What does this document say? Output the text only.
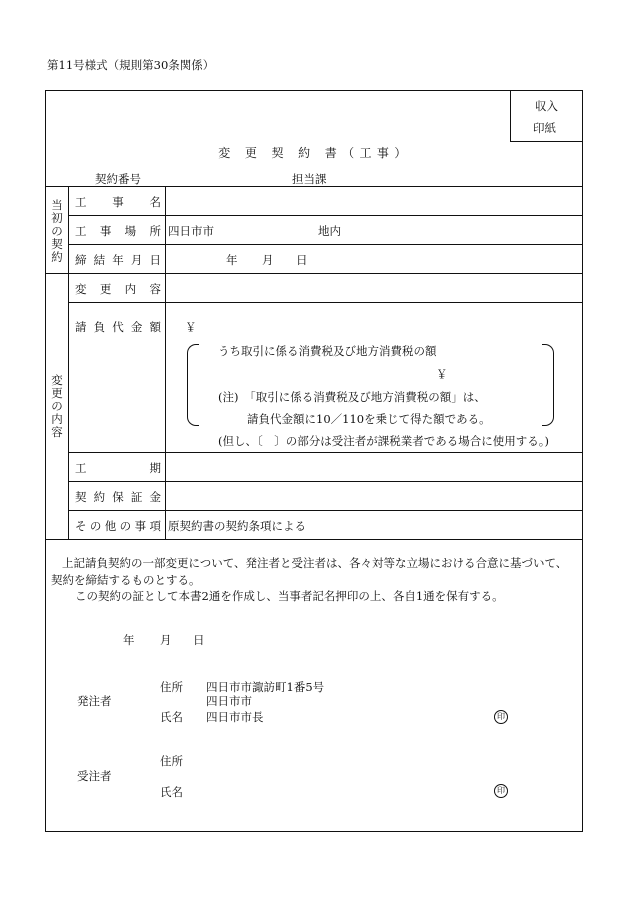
第11号様式（規則第30条関係）
収入
印紙
変 更 契 約 書（工事）
契約番号	担当課
当初の契約
工 事 名
工 事 場 所 四日市市	地内
締 結 年 月 日	年 月 日
変更の内容
変 更 内 容
請 負 代 金 額 ￥
うち取引に係る消費税及び地方消費税の額
￥
(注)　「取引に係る消費税及び地方消費税の額」は、
請負代金額に10／110を乗じて得た額である。
(但し、〔　〕の部分は受注者が課税業者である場合に使用する。)
工	期
契 約 保 証 金
そ の 他 の 事 項 原契約書の契約条項による
上記請負契約の一部変更について、発注者と受注者は、各々対等な立場における合意に基づいて、
契約を締結するものとする。
この契約の証として本書2通を作成し、当事者記名押印の上、各自1通を保有する。
年 月 日
発注者
住所 四日市市諏訪町1番5号
四日市市
氏名 四日市市長	印
受注者
住所
氏名	印
